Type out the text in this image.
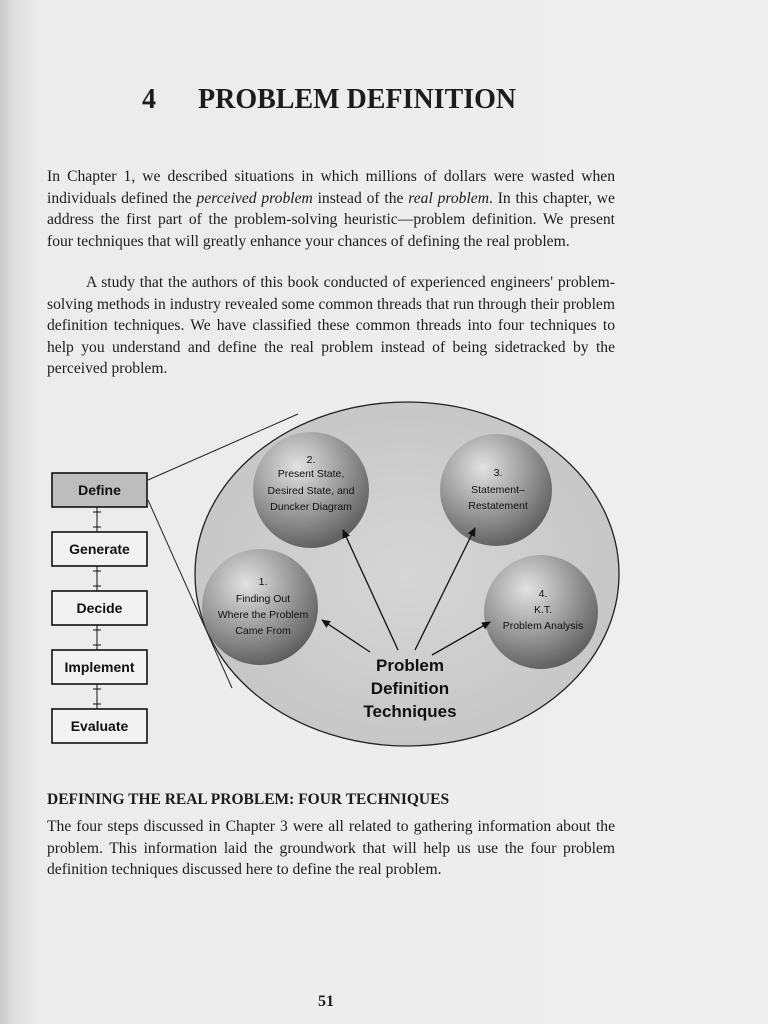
4 PROBLEM DEFINITION

In Chapter 1, we described situations in which millions of dollars were wasted when individuals defined the perceived problem instead of the real problem. In this chapter, we address the first part of the problem-solving heuristic—problem definition. We present four techniques that will greatly enhance your chances of defining the real problem.

A study that the authors of this book conducted of experienced engineers' problem-solving methods in industry revealed some common threads that run through their problem definition techniques. We have classified these common threads into four techniques to help you understand and define the real problem instead of being sidetracked by the perceived problem.

Define
Generate
Decide
Implement
Evaluate
2.
Present State,
Desired State, and
Duncker Diagram
3.
Statement–
Restatement
1.
Finding Out
Where the Problem
Came From
4.
K.T.
Problem Analysis
Problem
Definition
Techniques
DEFINING THE REAL PROBLEM: FOUR TECHNIQUES

The four steps discussed in Chapter 3 were all related to gathering information about the problem. This information laid the groundwork that will help us use the four problem definition techniques discussed here to define the real problem.

51
